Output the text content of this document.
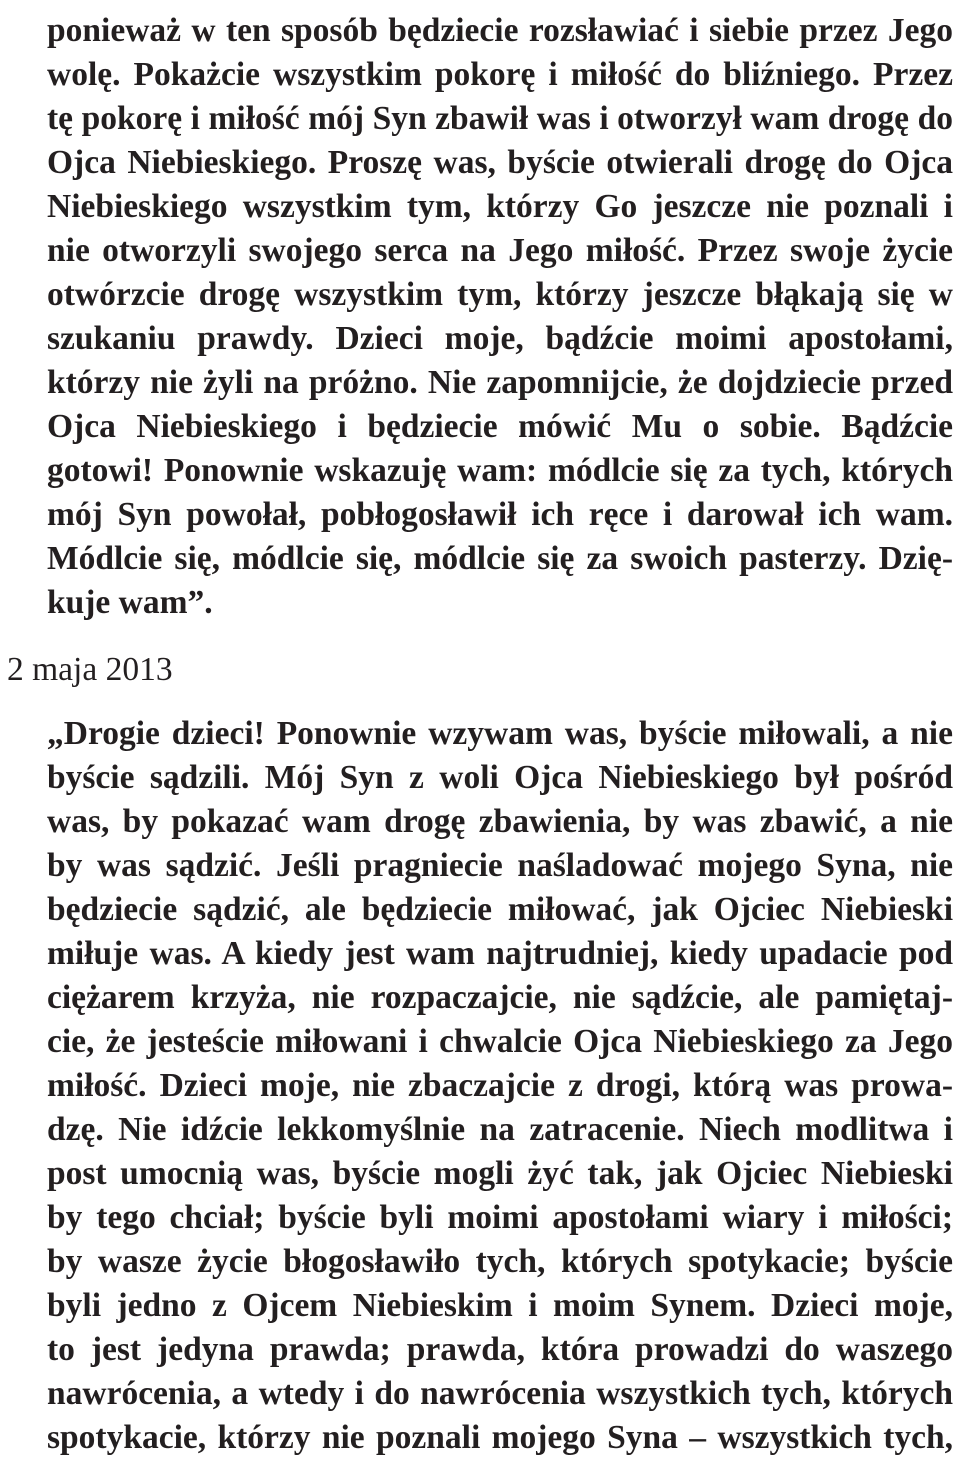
ponieważ w ten sposób będziecie rozsławiać i siebie przez Jego
wolę. Pokażcie wszystkim pokorę i miłość do bliźniego. Przez
tę pokorę i miłość mój Syn zbawił was i otworzył wam drogę do
Ojca Niebieskiego. Proszę was, byście otwierali drogę do Ojca
Niebieskiego wszystkim tym, którzy Go jeszcze nie poznali i
nie otworzyli swojego serca na Jego miłość. Przez swoje życie
otwórzcie drogę wszystkim tym, którzy jeszcze błąkają się w
szukaniu prawdy. Dzieci moje, bądźcie moimi apostołami,
którzy nie żyli na próżno. Nie zapomnijcie, że dojdziecie przed
Ojca Niebieskiego i będziecie mówić Mu o sobie. Bądźcie
gotowi! Ponownie wskazuję wam: módlcie się za tych, których
mój Syn powołał, pobłogosławił ich ręce i darował ich wam.
Módlcie się, módlcie się, módlcie się za swoich pasterzy. Dzię-
kuje wam”.

2 maja 2013

„Drogie dzieci! Ponownie wzywam was, byście miłowali, a nie
byście sądzili. Mój Syn z woli Ojca Niebieskiego był pośród
was, by pokazać wam drogę zbawienia, by was zbawić, a nie
by was sądzić. Jeśli pragniecie naśladować mojego Syna, nie
będziecie sądzić, ale będziecie miłować, jak Ojciec Niebieski
miłuje was. A kiedy jest wam najtrudniej, kiedy upadacie pod
ciężarem krzyża, nie rozpaczajcie, nie sądźcie, ale pamiętaj-
cie, że jesteście miłowani i chwalcie Ojca Niebieskiego za Jego
miłość. Dzieci moje, nie zbaczajcie z drogi, którą was prowa-
dzę. Nie idźcie lekkomyślnie na zatracenie. Niech modlitwa i
post umocnią was, byście mogli żyć tak, jak Ojciec Niebieski
by tego chciał; byście byli moimi apostołami wiary i miłości;
by wasze życie błogosławiło tych, których spotykacie; byście
byli jedno z Ojcem Niebieskim i moim Synem. Dzieci moje,
to jest jedyna prawda; prawda, która prowadzi do waszego
nawrócenia, a wtedy i do nawrócenia wszystkich tych, których
spotykacie, którzy nie poznali mojego Syna – wszystkich tych,
